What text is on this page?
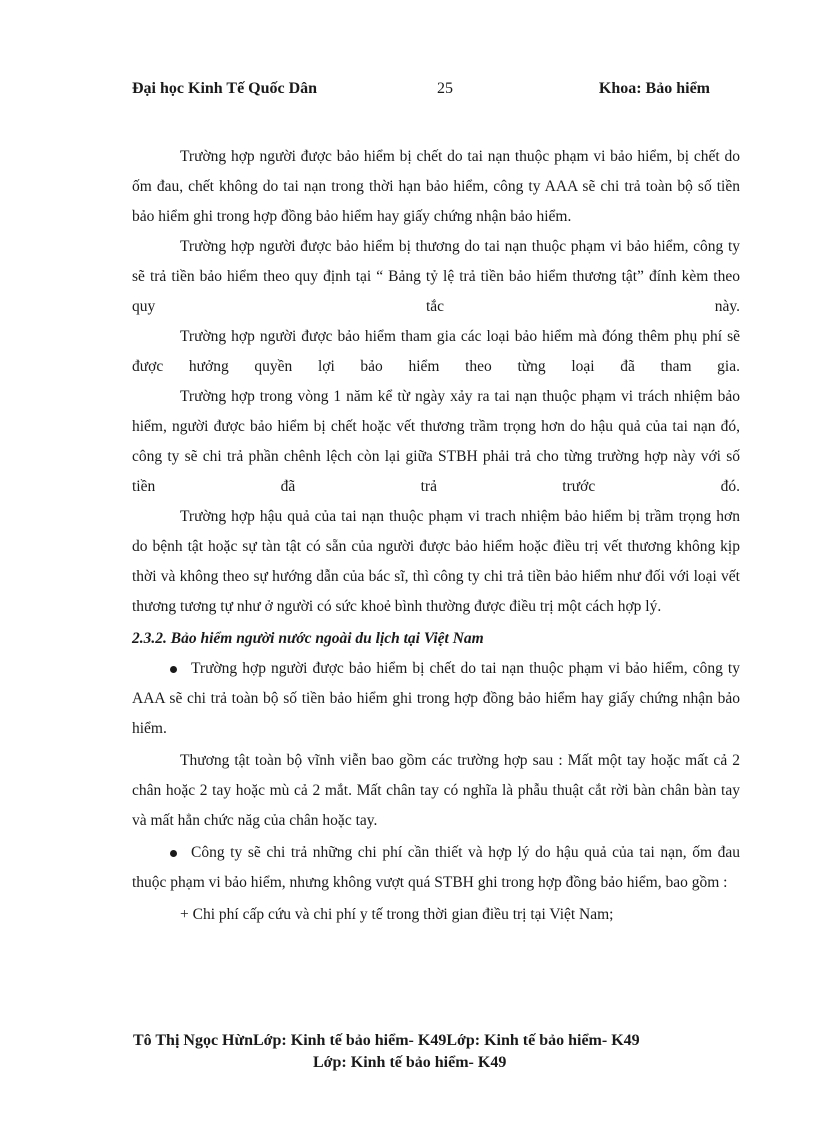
Đại học Kinh Tế Quốc Dân	25	Khoa: Bảo hiểm

Trường hợp người được bảo hiểm bị chết do tai nạn thuộc phạm vi bảo hiểm, bị chết do ốm đau, chết không do tai nạn trong thời hạn bảo hiểm, công ty AAA sẽ chi trả toàn bộ số tiền bảo hiểm ghi trong hợp đồng bảo hiểm hay giấy chứng nhận bảo hiểm.

Trường hợp người được bảo hiểm bị thương do tai nạn thuộc phạm vi bảo hiểm, công ty sẽ trả tiền bảo hiểm theo quy định tại “ Bảng tỷ lệ trả tiền bảo hiểm thương tật” đính kèm theo quy tắc này.

Trường hợp người được bảo hiểm tham gia các loại bảo hiểm mà đóng thêm phụ phí sẽ được hưởng quyền lợi bảo hiểm theo từng loại đã tham gia.

Trường hợp trong vòng 1 năm kể từ ngày xảy ra tai nạn thuộc phạm vi trách nhiệm bảo hiểm, người được bảo hiểm bị chết hoặc vết thương trầm trọng hơn do hậu quả của tai nạn đó, công ty sẽ chi trả phần chênh lệch còn lại giữa STBH phải trả cho từng trường hợp này với số tiền đã trả trước đó.

Trường hợp hậu quả của tai nạn thuộc phạm vi trach nhiệm bảo hiểm bị trầm trọng hơn do bệnh tật hoặc sự tàn tật có sẵn của người được bảo hiểm hoặc điều trị vết thương không kịp thời và không theo sự hướng dẫn của bác sĩ, thì công ty chi trả tiền bảo hiểm như đối với loại vết thương tương tự như ở người có sức khoẻ bình thường được điều trị một cách hợp lý.

2.3.2. Bảo hiểm người nước ngoài du lịch tại Việt Nam

Trường hợp người được bảo hiểm bị chết do tai nạn thuộc phạm vi bảo hiểm, công ty AAA sẽ chi trả toàn bộ số tiền bảo hiểm ghi trong hợp đồng bảo hiểm hay giấy chứng nhận bảo hiểm.

Thương tật toàn bộ vĩnh viễn bao gồm các trường hợp sau : Mất một tay hoặc mất cả 2 chân hoặc 2 tay hoặc mù cả 2 mắt. Mất chân tay có nghĩa là phẫu thuật cắt rời bàn chân bàn tay và mất hẳn chức năg của chân hoặc tay.

Công ty sẽ chi trả những chi phí cần thiết và hợp lý do hậu quả của tai nạn, ốm đau thuộc phạm vi bảo hiểm, nhưng không vượt quá STBH ghi trong hợp đồng bảo hiểm, bao gồm :

+ Chi phí cấp cứu và chi phí y tế trong thời gian điều trị tại Việt Nam;

Tô Thị Ngọc HừnLớp: Kinh tế bảo hiểm- K49Lớp: Kinh tế bảo hiểm- K49
Lớp: Kinh tế bảo hiểm- K49
